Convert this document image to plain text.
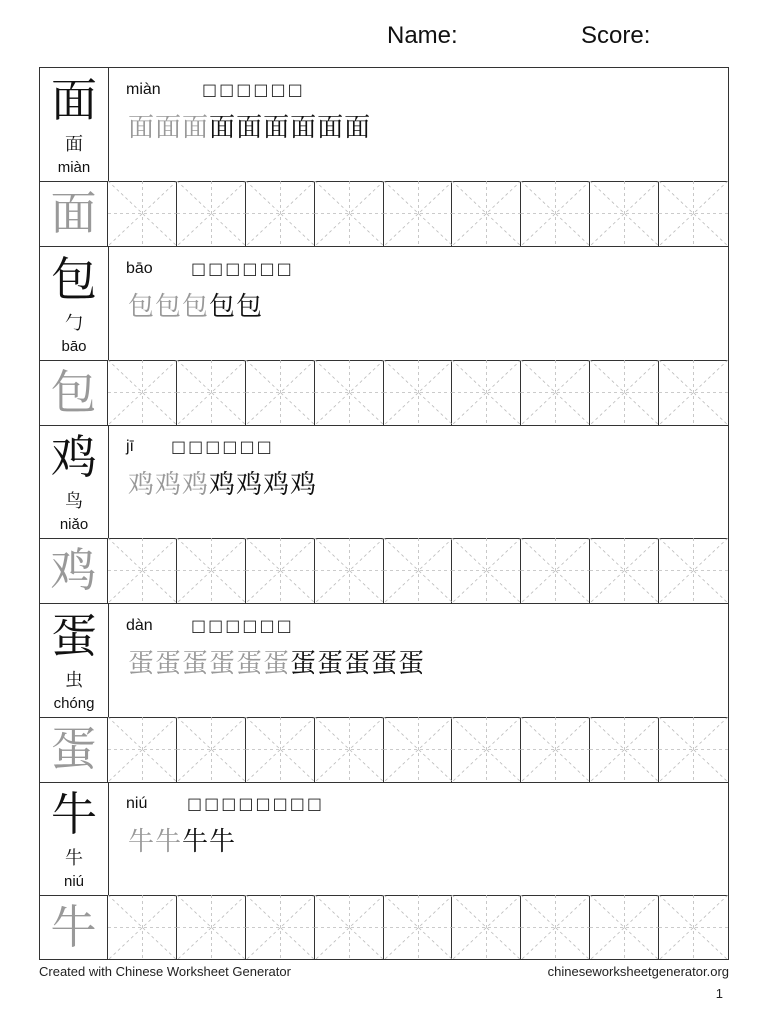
Name:	Score:
面
面
miàn
miàn	□□□□□□
面面面面面面面面面
面
包
勹
bāo
bāo □□□□□□
包包包包包
包
鸡
鸟
niǎo
jī □□□□□□
鸡鸡鸡鸡鸡鸡鸡
鸡
蛋
虫
chóng
dàn □□□□□□
蛋蛋蛋蛋蛋蛋蛋蛋蛋蛋蛋
蛋
牛
牛
niú
niú □□□□□□□□
牛牛牛牛
牛
Created with Chinese Worksheet Generator	chineseworksheetgenerator.org
1
